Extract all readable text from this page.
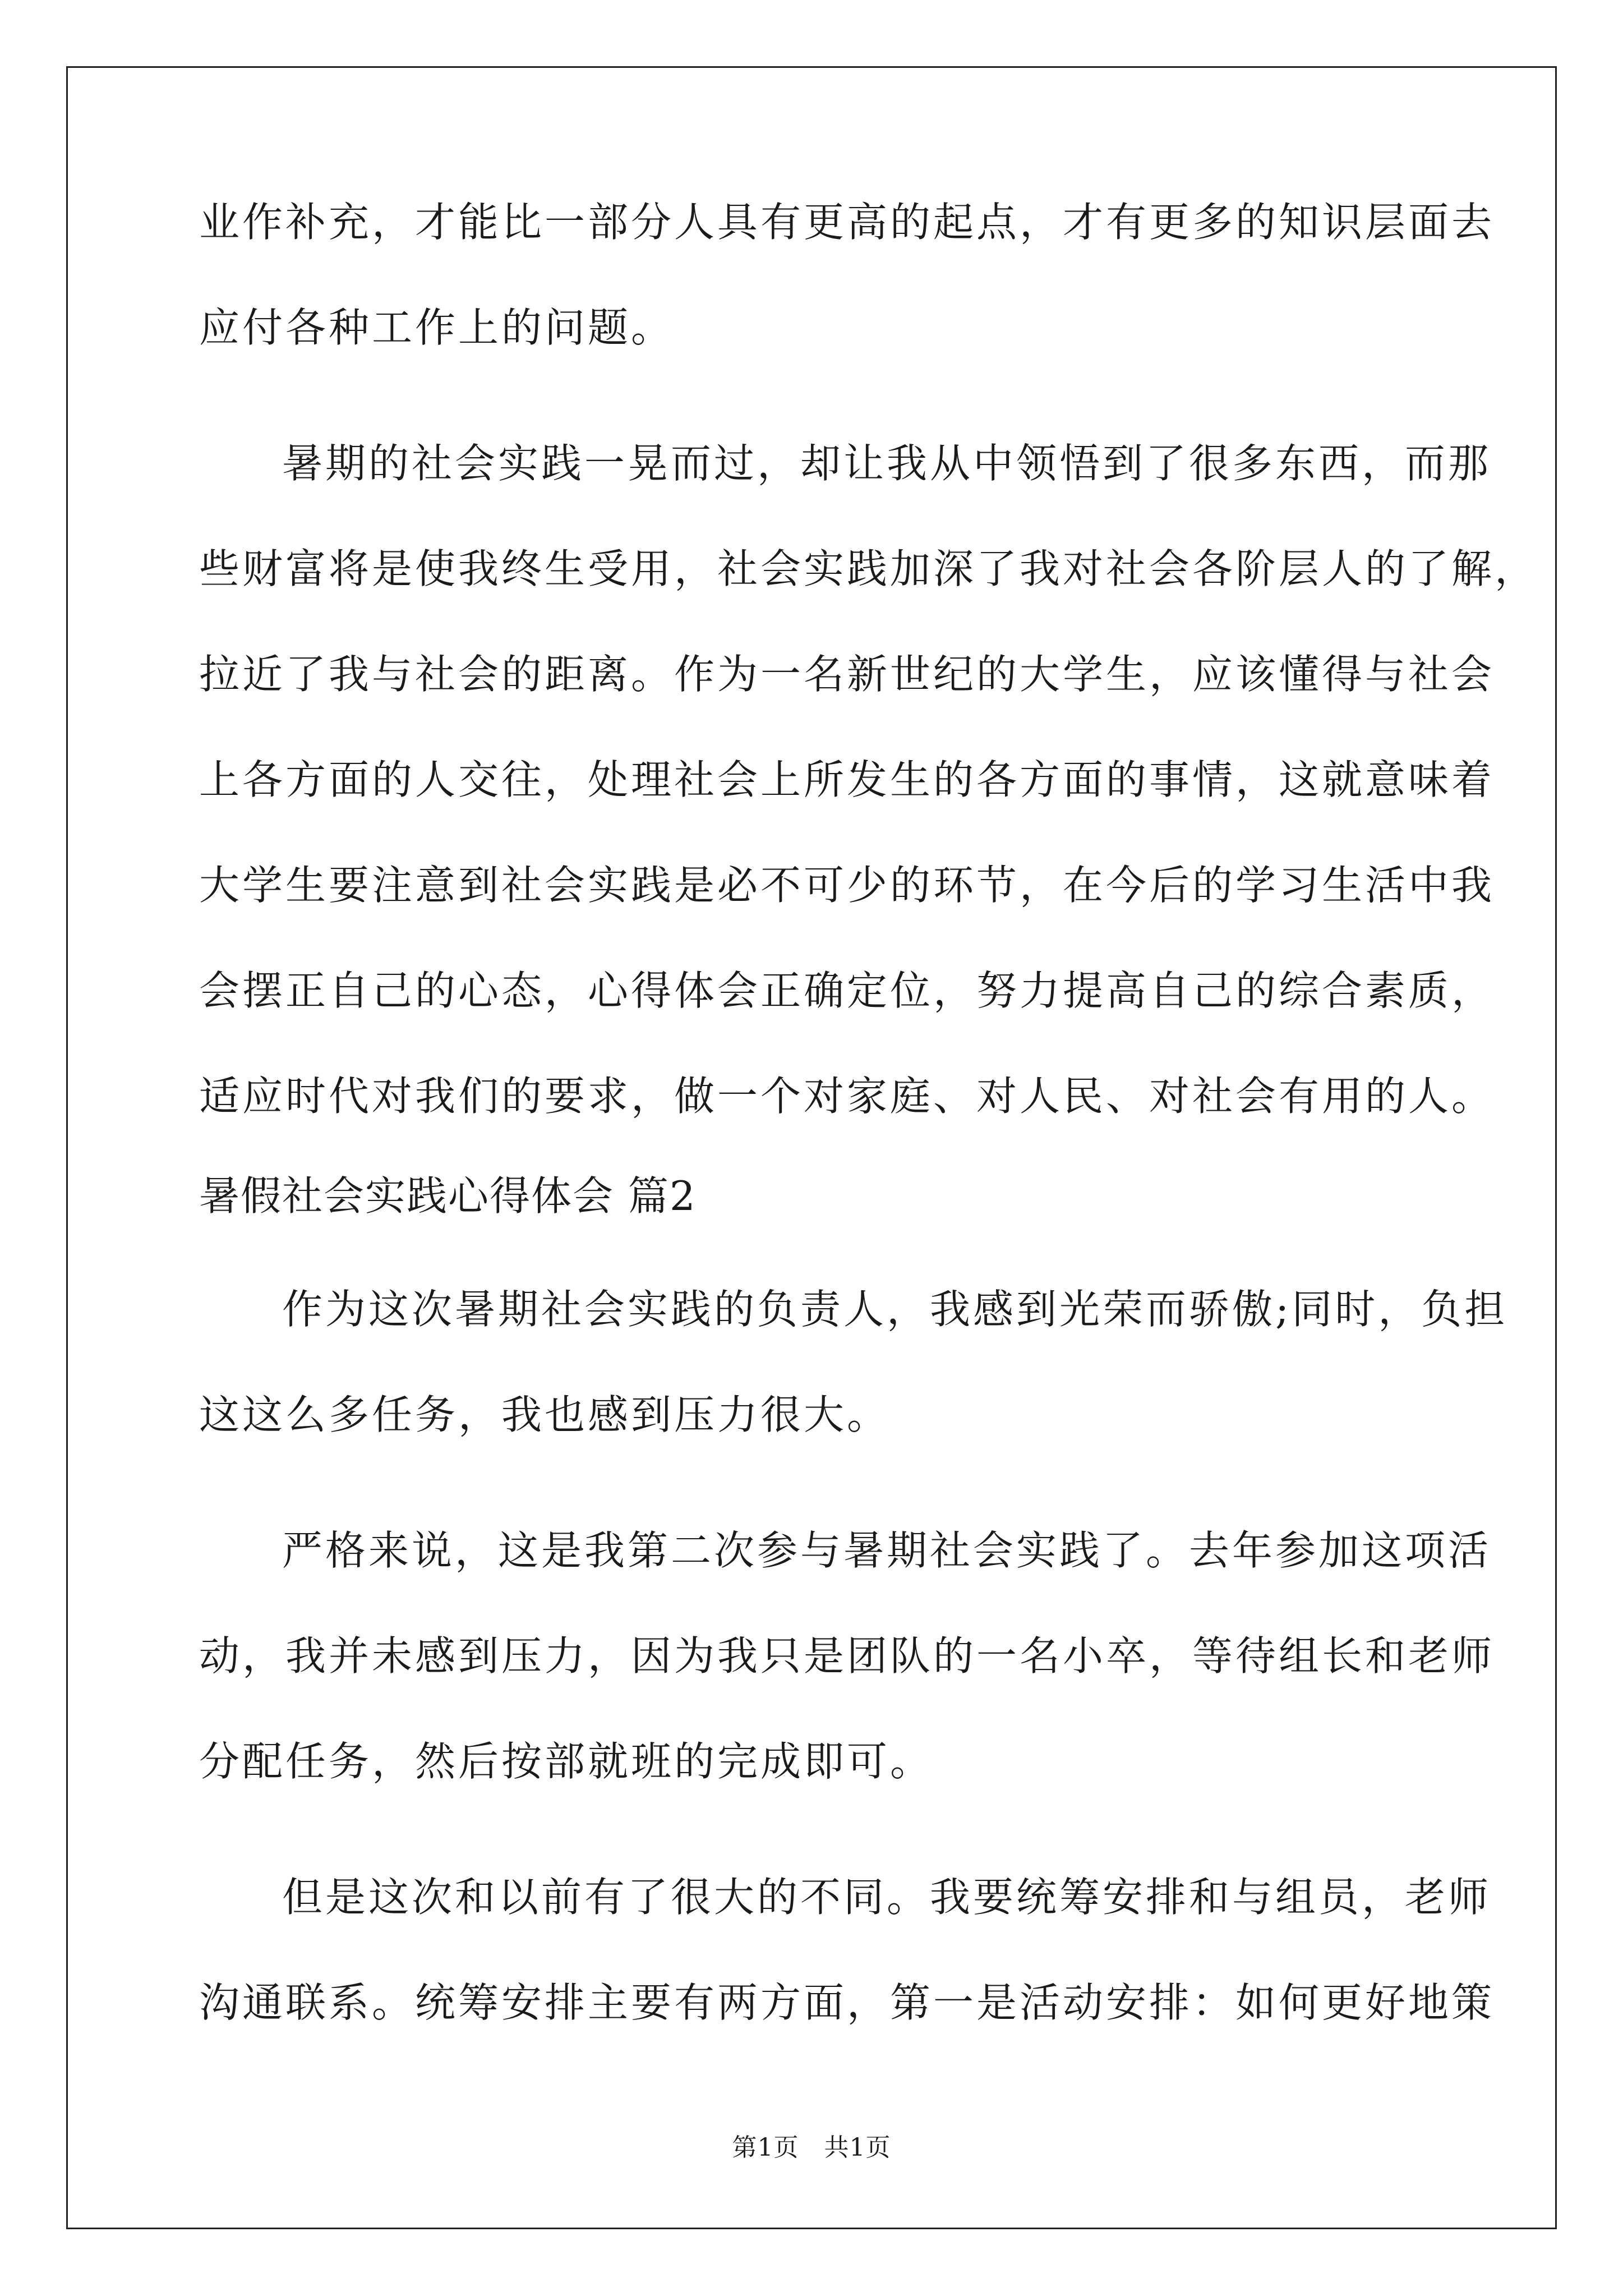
业作补充，才能比一部分人具有更高的起点，才有更多的知识层面去
应付各种工作上的问题。
暑期的社会实践一晃而过，却让我从中领悟到了很多东西，而那
些财富将是使我终生受用，社会实践加深了我对社会各阶层人的了解，
拉近了我与社会的距离。作为一名新世纪的大学生，应该懂得与社会
上各方面的人交往，处理社会上所发生的各方面的事情，这就意味着
大学生要注意到社会实践是必不可少的环节，在今后的学习生活中我
会摆正自己的心态，心得体会正确定位，努力提高自己的综合素质，
适应时代对我们的要求，做一个对家庭、对人民、对社会有用的人。
暑假社会实践心得体会 篇2
作为这次暑期社会实践的负责人，我感到光荣而骄傲;同时，负担
这这么多任务，我也感到压力很大。
严格来说，这是我第二次参与暑期社会实践了。去年参加这项活
动，我并未感到压力，因为我只是团队的一名小卒，等待组长和老师
分配任务，然后按部就班的完成即可。
但是这次和以前有了很大的不同。我要统筹安排和与组员，老师
沟通联系。统筹安排主要有两方面，第一是活动安排：如何更好地策
第1页　共1页
